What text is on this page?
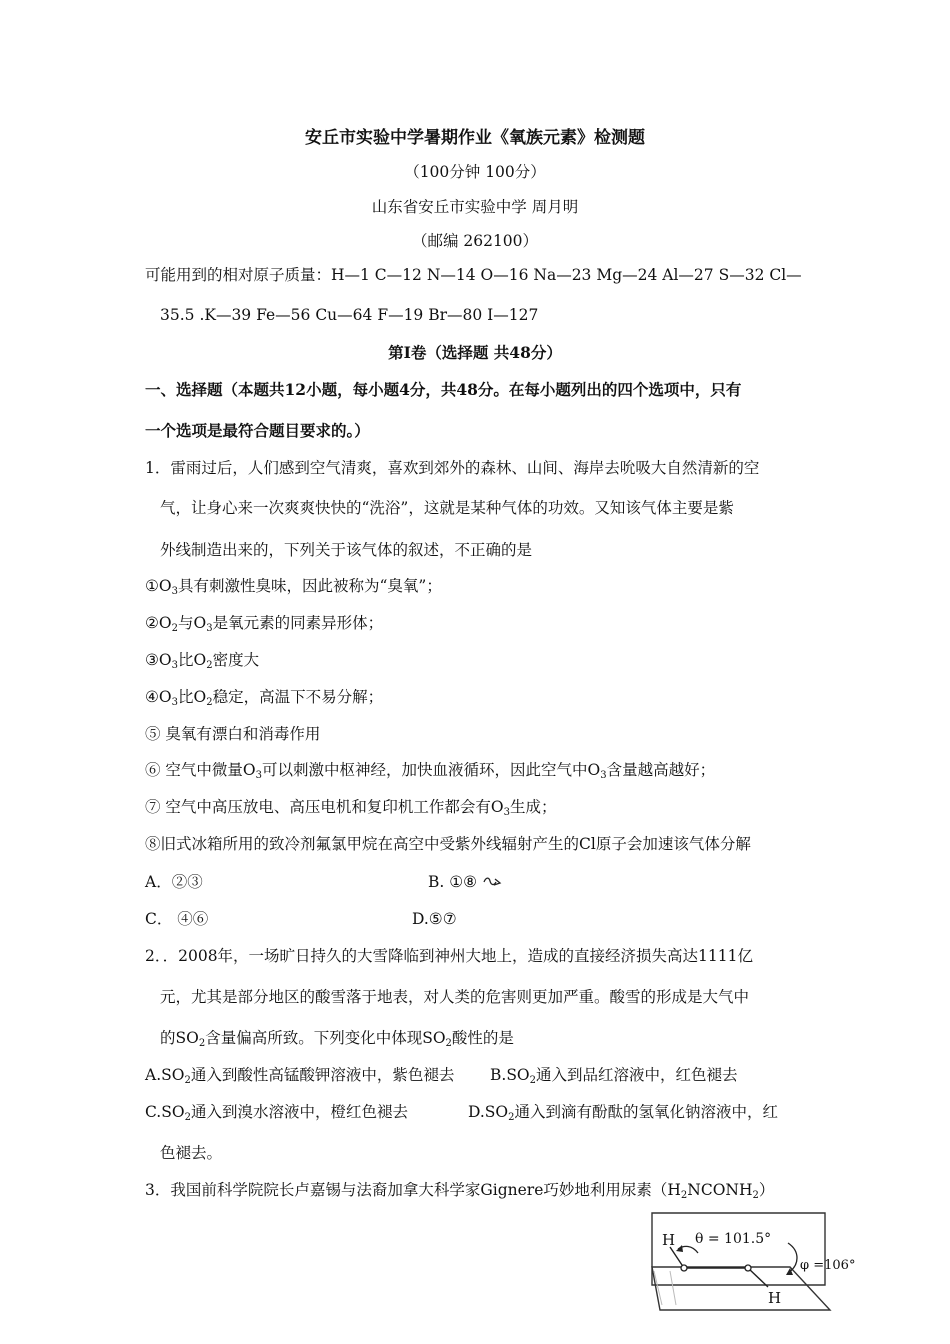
安丘市实验中学暑期作业《氧族元素》检测题
（100分钟 100分）
山东省安丘市实验中学 周月明
（邮编 262100）
可能用到的相对原子质量：H—1 C—12 N—14 O—16 Na—23 Mg—24 Al—27 S—32 Cl—
35.5 .K—39 Fe—56 Cu—64 F—19 Br—80 I—127
第Ⅰ卷（选择题 共48分）
一、选择题（本题共12小题，每小题4分，共48分。在每小题列出的四个选项中，只有
一个选项是最符合题目要求的。）
1．雷雨过后，人们感到空气清爽，喜欢到郊外的森林、山间、海岸去吮吸大自然清新的空
气，让身心来一次爽爽快快的“洗浴”，这就是某种气体的功效。又知该气体主要是紫
外线制造出来的，下列关于该气体的叙述，不正确的是
$①O_3$具有刺激性臭味，因此被称为“臭氧”；
$②O_2$与$O_3$是氧元素的同素异形体；
$③O_3$比$O_2$密度大
$④O_3$比$O_2$稳定，高温下不易分解；
⑤ 臭氧有漂白和消毒作用
⑥ 空气中微量$O_3$可以刺激中枢神经，加快血液循环，因此空气中$O_3$含量越高越好；
⑦ 空气中高压放电、高压电机和复印机工作都会有$O_3$生成；
⑧旧式冰箱所用的致冷剂氟氯甲烷在高空中受紫外线辐射产生的Cl原子会加速该气体分解
A．②③	B. ①⑧
C． ④⑥	D.⑤⑦
2．．2008年，一场旷日持久的大雪降临到神州大地上，造成的直接经济损失高达1111亿
元，尤其是部分地区的酸雪落于地表，对人类的危害则更加严重。酸雪的形成是大气中
的$SO_2$含量偏高所致。下列变化中体现$SO_2$酸性的是
$A.SO_2$通入到酸性高锰酸钾溶液中，紫色褪去 $B.SO_2$通入到品红溶液中，红色褪去
$C.SO_2$通入到溴水溶液中，橙红色褪去	$D.SO_2$通入到滴有酚酞的氢氧化钠溶液中，红
色褪去。
3．我国前科学院院长卢嘉锡与法裔加拿大科学家Gignere巧妙地利用尿素$(H_2NCONH_2)$
H
H
θ = 101.5°
φ =106°
